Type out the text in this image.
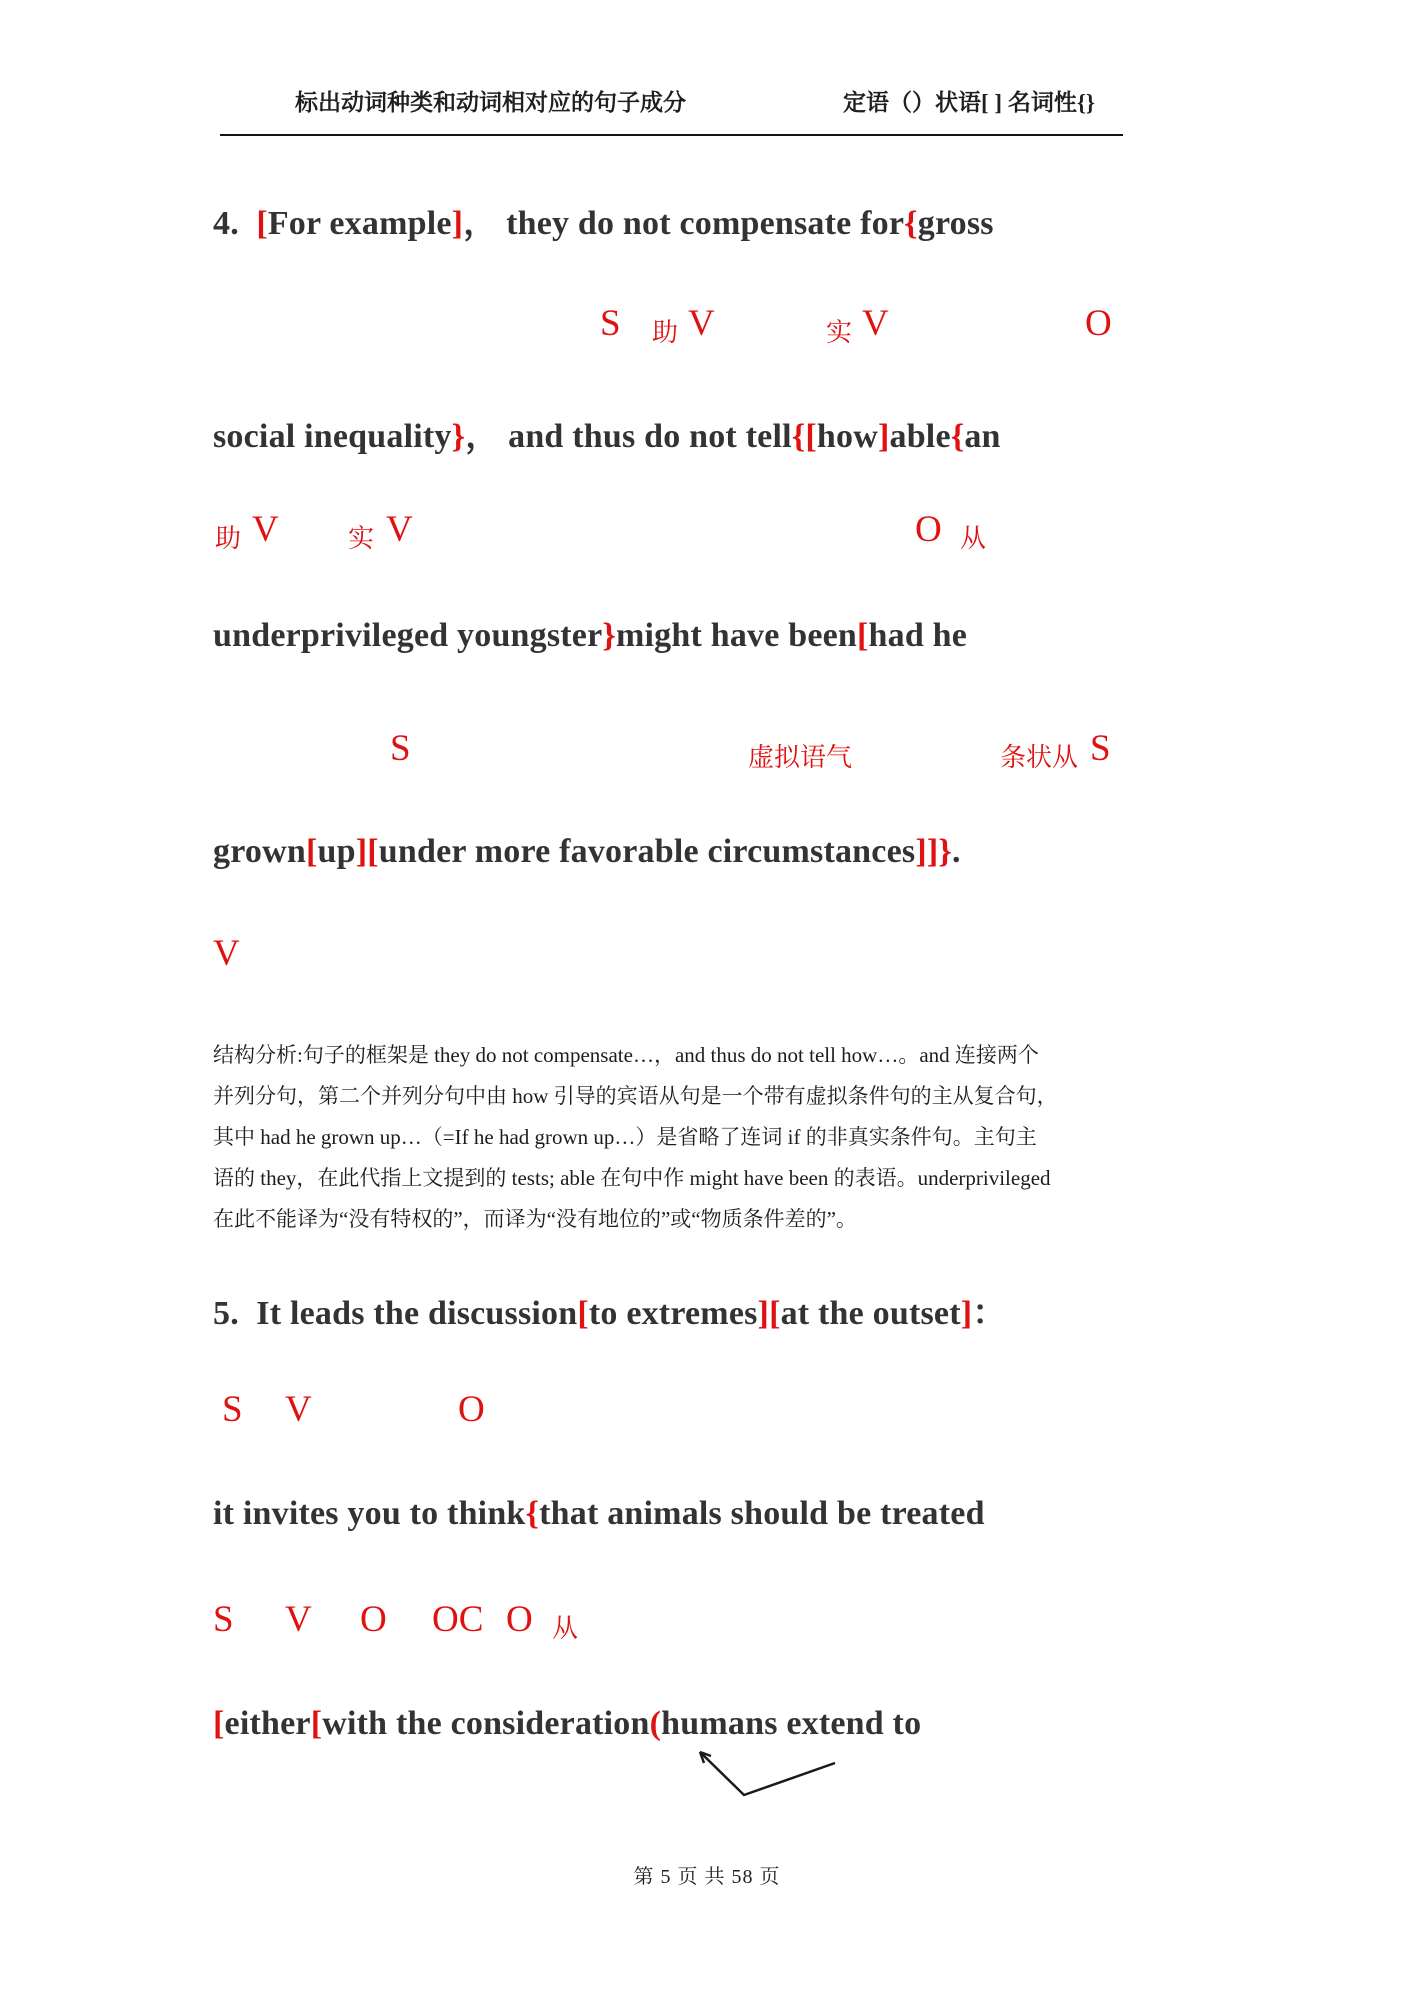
标出动词种类和动词相对应的句子成分	定语（）状语[ ] 名词性{}
4.  [For example]， they do not compensate for{gross
S 助 V	实 V	O
social inequality}， and thus do not tell{[how]able{an
助 V	实 V	O 从
underprivileged youngster}might have been[had he
S	虚拟语气	条状从 S
grown[up][under more favorable circumstances]]}.
V
结构分析:句子的框架是 they do not compensate…，and thus do not tell how…。and 连接两个
并列分句，第二个并列分句中由 how 引导的宾语从句是一个带有虚拟条件句的主从复合句，
其中 had he grown up…（=If he had grown up…）是省略了连词 if 的非真实条件句。主句主
语的 they，在此代指上文提到的 tests; able 在句中作 might have been 的表语。underprivileged
在此不能译为“没有特权的”，而译为“没有地位的”或“物质条件差的”。
5.  It leads the discussion[to extremes][at the outset]：
S V	O
it invites you to think{that animals should be treated
S V O OC O 从
[either[with the consideration(humans extend to
第 5 页 共 58 页
